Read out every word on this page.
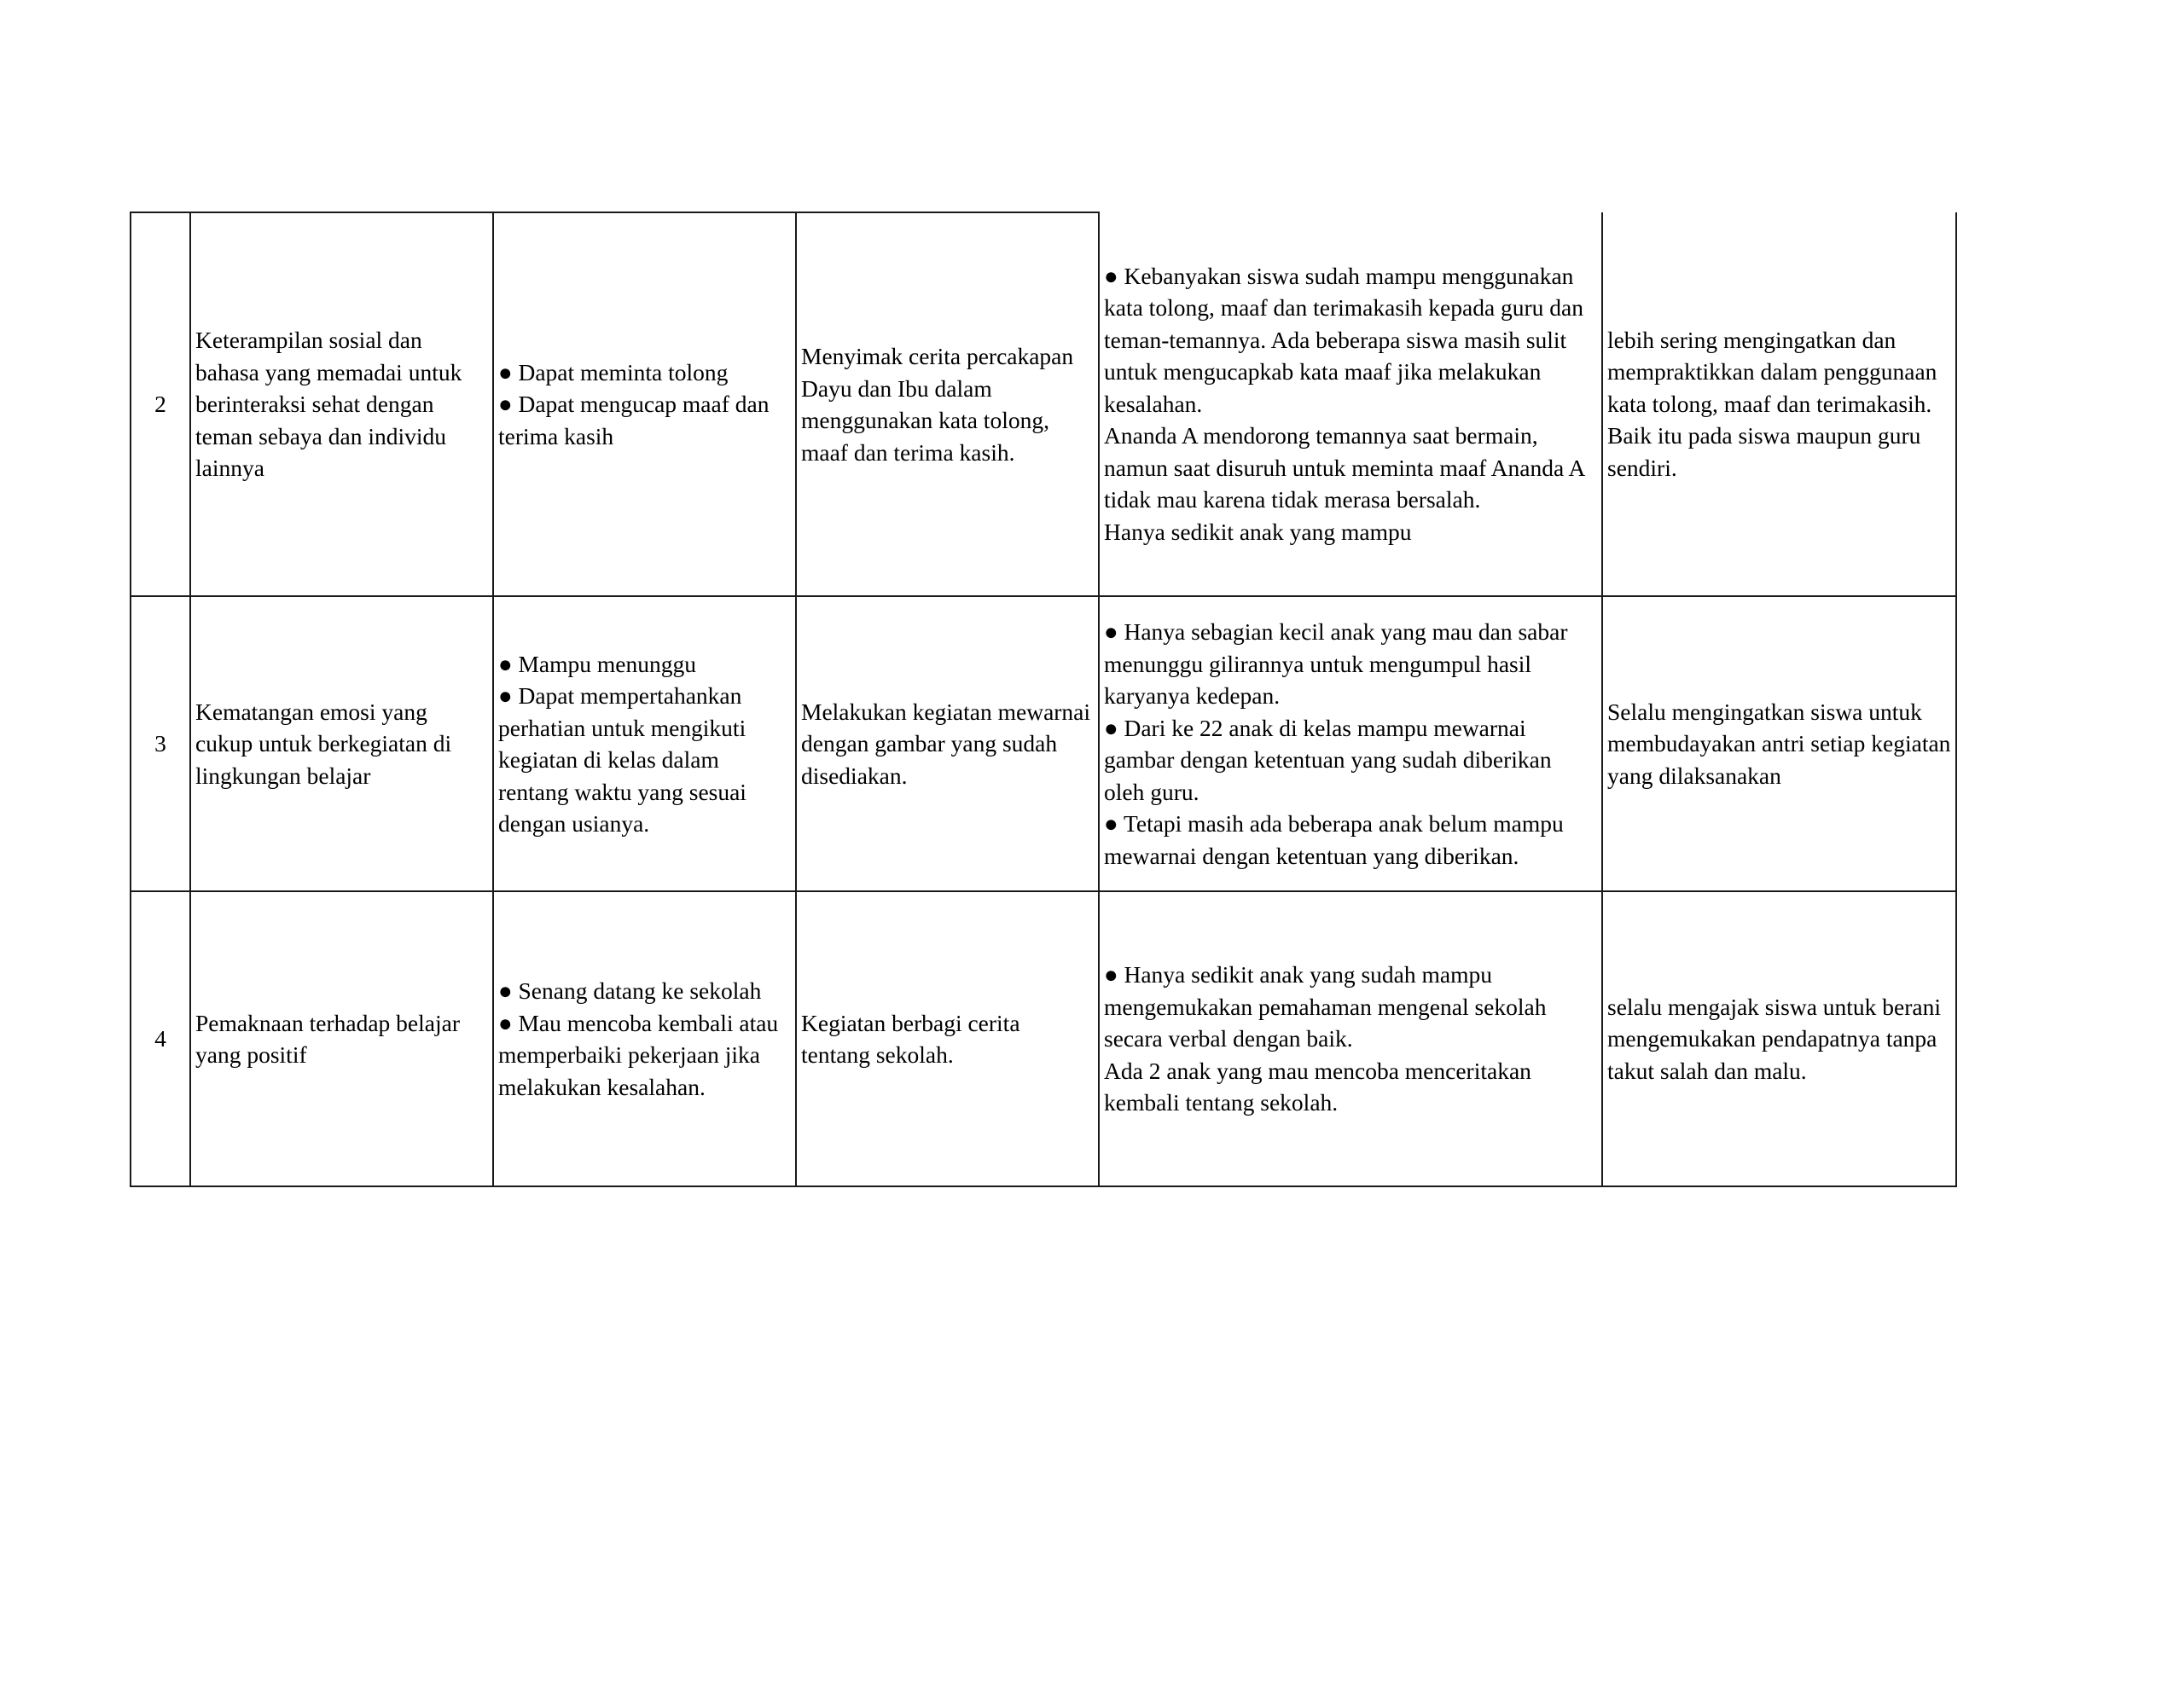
2	Keterampilan sosial dan bahasa yang memadai untuk berinteraksi sehat dengan teman sebaya dan individu lainnya	● Dapat meminta tolong
● Dapat mengucap maaf dan terima kasih	Menyimak cerita percakapan Dayu dan Ibu dalam menggunakan kata tolong, maaf dan terima kasih.	● Kebanyakan siswa sudah mampu menggunakan kata tolong, maaf dan terimakasih kepada guru dan teman-temannya. Ada beberapa siswa masih sulit untuk mengucapkab kata maaf jika melakukan kesalahan.
Ananda A mendorong temannya saat bermain, namun saat disuruh untuk meminta maaf Ananda A tidak mau karena tidak merasa bersalah.
Hanya sedikit anak yang mampu	lebih sering mengingatkan dan mempraktikkan dalam penggunaan kata tolong, maaf dan terimakasih. Baik itu pada siswa maupun guru sendiri.
3	Kematangan emosi yang cukup untuk berkegiatan di lingkungan belajar	● Mampu menunggu
● Dapat mempertahankan perhatian untuk mengikuti kegiatan di kelas dalam rentang waktu yang sesuai dengan usianya.	Melakukan kegiatan mewarnai dengan gambar yang sudah disediakan.	● Hanya sebagian kecil anak yang mau dan sabar menunggu gilirannya untuk mengumpul hasil karyanya kedepan.
● Dari ke 22 anak di kelas mampu mewarnai gambar dengan ketentuan yang sudah diberikan oleh guru.
● Tetapi masih ada beberapa anak belum mampu mewarnai dengan ketentuan yang diberikan.	Selalu mengingatkan siswa untuk membudayakan antri setiap kegiatan yang dilaksanakan
4	Pemaknaan terhadap belajar yang positif	● Senang datang ke sekolah
● Mau mencoba kembali atau memperbaiki pekerjaan jika melakukan kesalahan.	Kegiatan berbagi cerita tentang sekolah.	● Hanya sedikit anak yang sudah mampu mengemukakan pemahaman mengenal sekolah secara verbal dengan baik.
Ada 2 anak yang mau mencoba menceritakan kembali tentang sekolah.	selalu mengajak siswa untuk berani mengemukakan pendapatnya tanpa takut salah dan malu.
